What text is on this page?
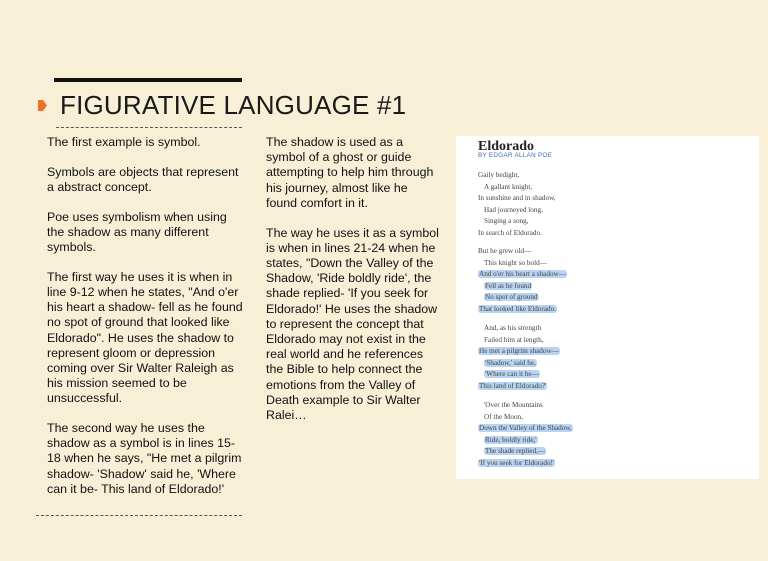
FIGURATIVE LANGUAGE #1

The first example is symbol.

Symbols are objects that represent a abstract concept.

Poe uses symbolism when using the shadow as many different symbols.

The first way he uses it is when in line 9-12 when he states, "And o'er his heart a shadow- fell as he found no spot of ground that looked like Eldorado". He uses the shadow to represent gloom or depression coming over Sir Walter Raleigh as his mission seemed to be unsuccessful.

The second way he uses the shadow as a symbol is in lines 15-18 when he says, "He met a pilgrim shadow- 'Shadow' said he, 'Where can it be- This land of Eldorado!'

The shadow is used as a symbol of a ghost or guide attempting to help him through his journey, almost like he found comfort in it.

The way he uses it as a symbol is when in lines 21-24 when he states, "Down the Valley of the Shadow, 'Ride boldly ride', the shade replied- 'If you seek for Eldorado!' He uses the shadow to represent the concept that Eldorado may not exist in the real world and he references the Bible to help connect the emotions from the Valley of Death example to Sir Walter Ralei…

Eldorado
BY EDGAR ALLAN POE
Gaily bedight,
A gallant knight,
In sunshine and in shadow,
Had journeyed long,
Singing a song,
In search of Eldorado.
But he grew old—
This knight so bold—
And o'er his heart a shadow—
Fell as he found
No spot of ground
That looked like Eldorado.
And, as his strength
Failed him at length,
He met a pilgrim shadow—
'Shadow,' said he,
'Where can it be—
This land of Eldorado?'
'Over the Mountains
Of the Moon,
Down the Valley of the Shadow,
Ride, boldly ride,'
The shade replied,—
'If you seek for Eldorado!'
